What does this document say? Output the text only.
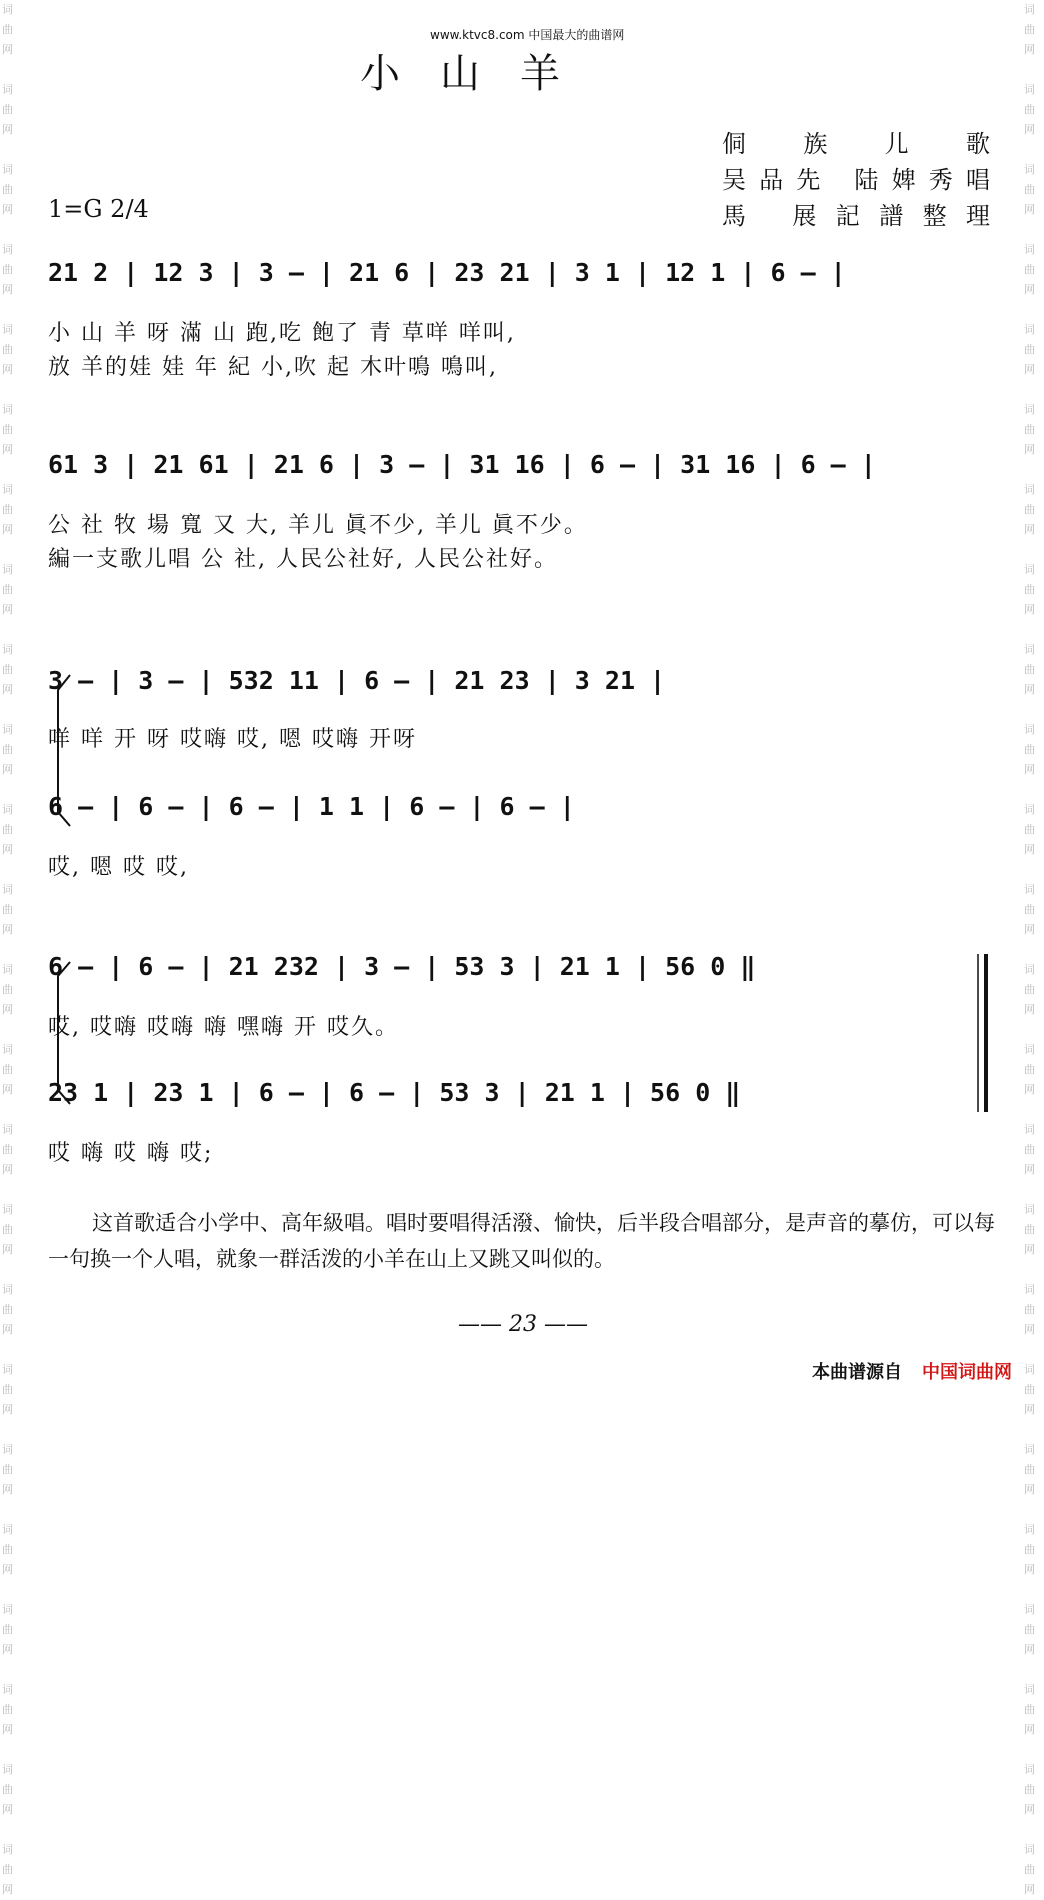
词
曲
网

词
曲
网

词
曲
网

词
曲
网

词
曲
网

词
曲
网

词
曲
网

词
曲
网

词
曲
网

词
曲
网

词
曲
网

词
曲
网

词
曲
网

词
曲
网

词
曲
网

词
曲
网

词
曲
网

词
曲
网

词
曲
网

词
曲
网

词
曲
网

词
曲
网

词
曲
网

词
曲
网

词
曲
网

词
曲
网

词
曲
网

词
曲
网

词
曲
网

词
曲
网

词
曲
网

词
曲
网

词
曲
网

词
曲
网

词
曲
网

词
曲
网

词
曲
网

词
曲
网

词
曲
网

词
曲
网

词
曲
网

词
曲
网

词
曲
网

词
曲
网

词
曲
网

词
曲
网

词
曲
网

词
曲
网

www.ktvc8.com 中国最大的曲谱网
小山羊
侗 族 儿 歌
吴品先 陆婢秀唱
馬 展記譜整理
1=G 2/4
21 2 | 12 3 | 3 — | 21 6 | 23 21 | 3 1 | 12 1 | 6 — |
小 山 羊 呀 滿 山 跑,吃 飽了 青 草咩 咩叫,
放 羊的娃 娃 年 紀 小,吹 起 木叶鳴 鳴叫,
61 3 | 21 61 | 21 6 | 3 — | 31 16 | 6 — | 31 16 | 6 — |
公 社 牧 場 寬 又 大, 羊儿 眞不少, 羊儿 眞不少。
編一支歌儿唱 公 社, 人民公社好, 人民公社好。
3 — | 3 — | 532 11 | 6 — | 21 23 | 3 21 |
咩 咩 开 呀 哎嗨 哎, 嗯 哎嗨 开呀
6 — | 6 — | 6 — | 1 1 | 6 — | 6 — |
哎, 嗯 哎 哎,
6 — | 6 — | 21 232 | 3 — | 53 3 | 21 1 | 56 0 ‖
哎, 哎嗨 哎嗨 嗨 嘿嗨 开 哎久。
23 1 | 23 1 | 6 — | 6 — | 53 3 | 21 1 | 56 0 ‖
哎 嗨 哎 嗨 哎;
这首歌适合小学中、高年級唱。唱时要唱得活潑、愉快，后半段合唱部分，是声音的摹仿，可以每一句换一个人唱，就象一群活泼的小羊在山上又跳又叫似的。
—— 23 ——
本曲谱源自 中国词曲网
